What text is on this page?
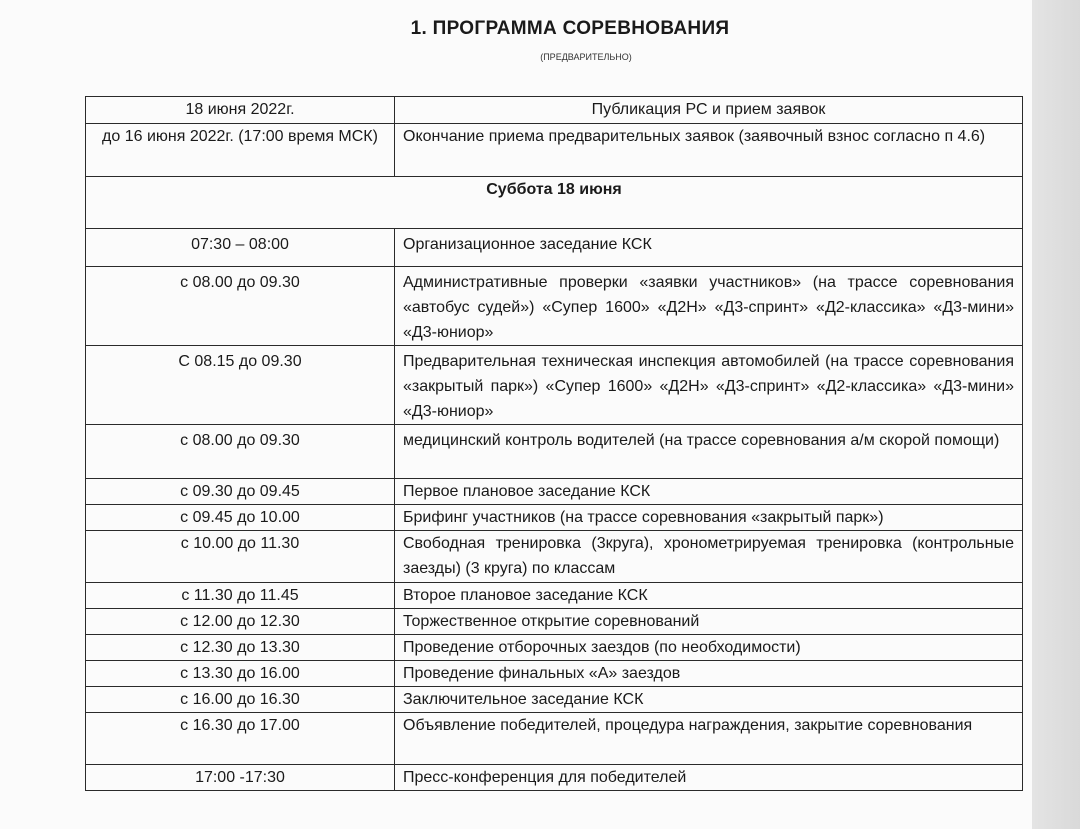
1. ПРОГРАММА СОРЕВНОВАНИЯ
(ПРЕДВАРИТЕЛЬНО)
18 июня 2022г.	Публикация РС и прием заявок
до 16 июня 2022г. (17:00 время МСК)	Окончание приема предварительных заявок (заявочный взнос согласно п 4.6)
Суббота 18 июня	
07:30 – 08:00	Организационное заседание КСК
с 08.00 до 09.30	Административные проверки «заявки участников» (на трассе соревнования «автобус судей») «Супер 1600» «Д2Н» «Д3-спринт» «Д2-классика» «Д3-мини» «Д3-юниор»
С 08.15 до 09.30	Предварительная техническая инспекция автомобилей (на трассе соревнования «закрытый парк») «Супер 1600» «Д2Н» «Д3-спринт» «Д2-классика» «Д3-мини» «Д3-юниор»
с 08.00 до 09.30	медицинский контроль водителей (на трассе соревнования а/м скорой помощи)
с 09.30 до 09.45	Первое плановое заседание КСК
с 09.45 до 10.00	Брифинг участников (на трассе соревнования «закрытый парк»)
с 10.00 до 11.30	Свободная тренировка (3круга), хронометрируемая тренировка (контрольные заезды) (3 круга) по классам
с 11.30 до 11.45	Второе плановое заседание КСК
с 12.00 до 12.30	Торжественное открытие соревнований
с 12.30 до 13.30	Проведение отборочных заездов (по необходимости)
с 13.30 до 16.00	Проведение финальных «А» заездов
с 16.00 до 16.30	Заключительное заседание КСК
с 16.30 до 17.00	Объявление победителей, процедура награждения, закрытие соревнования
17:00 -17:30	Пресс-конференция для победителей
